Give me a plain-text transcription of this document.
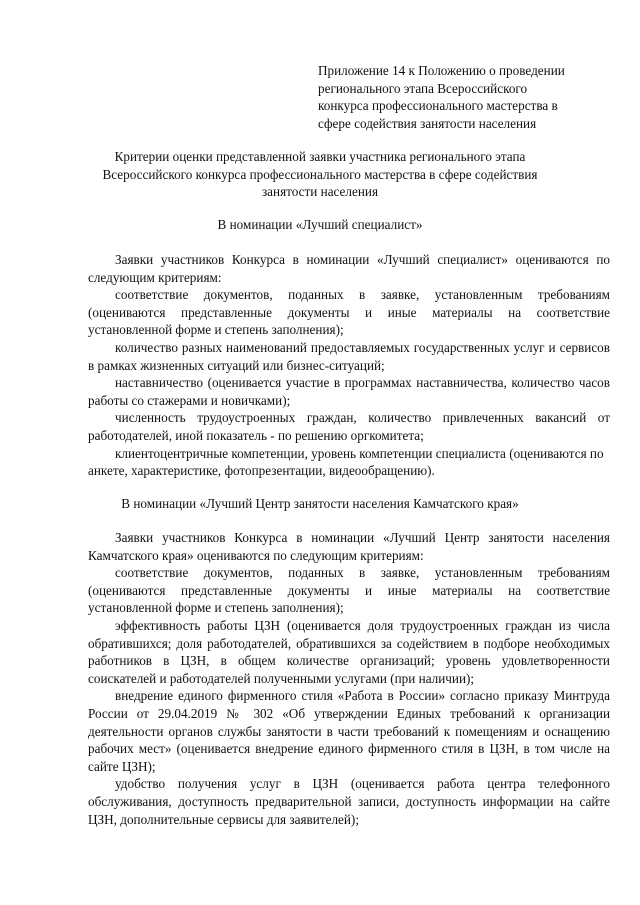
Приложение 14 к Положению о проведении
регионального этапа Всероссийского
конкурса профессионального мастерства в
сфере содействия занятости населения
Критерии оценки представленной заявки участника регионального этапа
Всероссийского конкурса профессионального мастерства в сфере содействия
занятости населения
В номинации «Лучший специалист»

Заявки участников Конкурса в номинации «Лучший специалист» оцениваются по следующим критериям:

соответствие документов, поданных в заявке, установленным требованиям (оцениваются представленные документы и иные материалы на соответствие установленной форме и степень заполнения);

количество разных наименований предоставляемых государственных услуг и сервисов в рамках жизненных ситуаций или бизнес-ситуаций;

наставничество (оценивается участие в программах наставничества, количество часов работы со стажерами и новичками);

численность трудоустроенных граждан, количество привлеченных вакансий от работодателей, иной показатель - по решению оргкомитета;

клиентоцентричные компетенции, уровень компетенции специалиста (оцениваются по анкете, характеристике, фотопрезентации, видеообращению).

В номинации «Лучший Центр занятости населения Камчатского края»

Заявки участников Конкурса в номинации «Лучший Центр занятости населения Камчатского края» оцениваются по следующим критериям:

соответствие документов, поданных в заявке, установленным требованиям (оцениваются представленные документы и иные материалы на соответствие установленной форме и степень заполнения);

эффективность работы ЦЗН (оценивается доля трудоустроенных граждан из числа обратившихся; доля работодателей, обратившихся за содействием в подборе необходимых работников в ЦЗН, в общем количестве организаций; уровень удовлетворенности соискателей и работодателей полученными услугами (при наличии);

внедрение единого фирменного стиля «Работа в России» согласно приказу Минтруда России от 29.04.2019 № 302 «Об утверждении Единых требований к организации деятельности органов службы занятости в части требований к помещениям и оснащению рабочих мест» (оценивается внедрение единого фирменного стиля в ЦЗН, в том числе на сайте ЦЗН);

удобство получения услуг в ЦЗН (оценивается работа центра телефонного обслуживания, доступность предварительной записи, доступность информации на сайте ЦЗН, дополнительные сервисы для заявителей);
